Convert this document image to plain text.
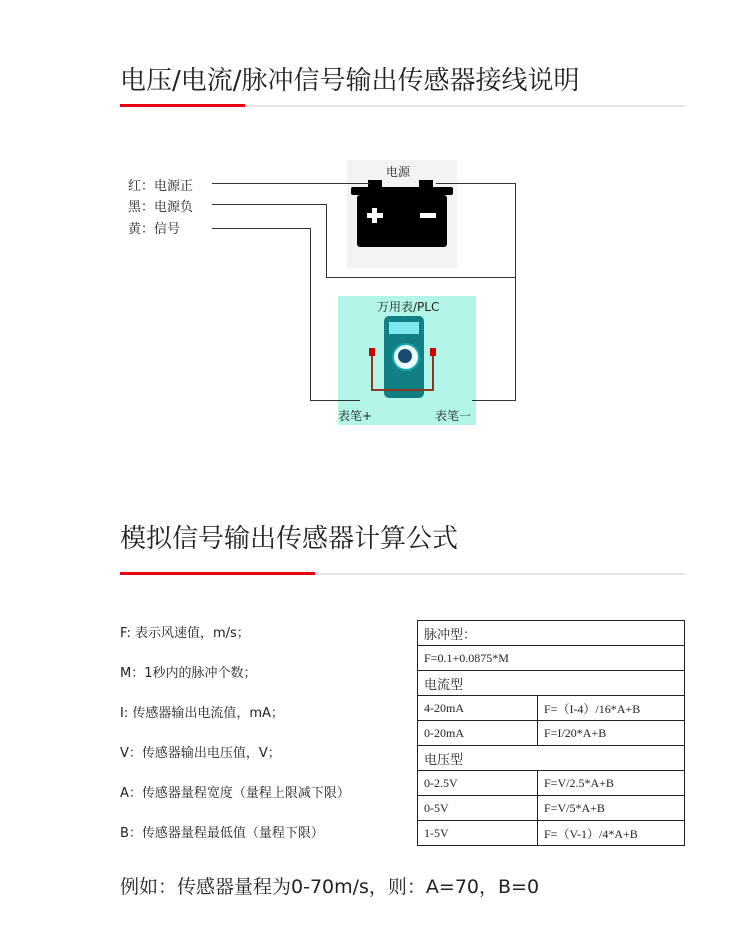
电压/电流/脉冲信号输出传感器接线说明
红：电源正
黑：电源负
黄：信号
电源
万用表/PLC
表笔+	表笔一
模拟信号输出传感器计算公式
F: 表示风速值，m/s；
M：1秒内的脉冲个数；
I: 传感器输出电流值，mA；
V：传感器输出电压值，V；
A：传感器量程宽度（量程上限减下限）
B：传感器量程最低值（量程下限）
脉冲型：	
F=0.1+0.0875*M	
电流型	
4-20mA	F=（I-4）/16*A+B
0-20mA	F=I/20*A+B
电压型	
0-2.5V	F=V/2.5*A+B
0-5V	F=V/5*A+B
1-5V	F=（V-1）/4*A+B
例如：传感器量程为0-70m/s，则：A=70，B=0
